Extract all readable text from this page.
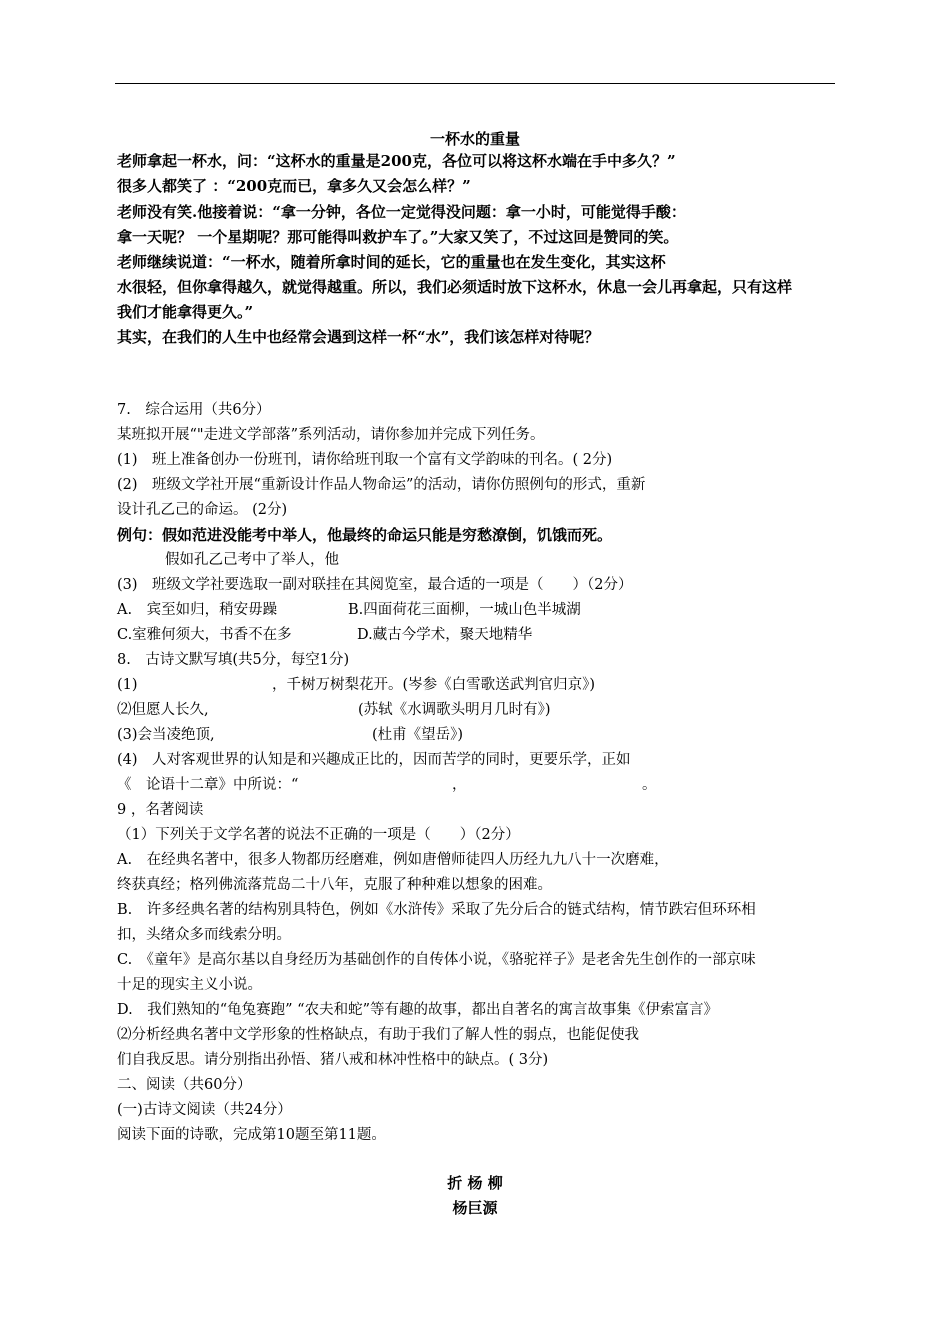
一杯水的重量
老师拿起一杯水，问：“这杯水的重量是200克，各位可以将这杯水端在手中多久？”
很多人都笑了 ：“200克而已，拿多久又会怎么样？”
老师没有笑.他接着说：“拿一分钟，各位一定觉得没问题：拿一小时，可能觉得手酸：
拿一天呢？ 一个星期呢？那可能得叫救护车了。”大家又笑了，不过这回是赞同的笑。
老师继续说道：“一杯水，随着所拿时间的延长，它的重量也在发生变化，其实这杯
水很轻，但你拿得越久，就觉得越重。所以，我们必须适时放下这杯水，休息一会儿再拿起，只有这样
我们才能拿得更久。”
其实，在我们的人生中也经常会遇到这样一杯“水”，我们该怎样对待呢？
7.　综合运用（共6分）
某班拟开展“"走进文学部落”系列活动，请你参加并完成下列任务。
(1)　班上准备创办一份班刊，请你给班刊取一个富有文学韵味的刊名。( 2分)
(2)　班级文学社开展“重新设计作品人物命运”的活动，请你仿照例句的形式，重新
设计孔乙己的命运。 (2分)
例句：假如范进没能考中举人，他最终的命运只能是穷愁潦倒，饥饿而死。
假如孔乙己考中了举人，他
(3)　班级文学社要选取一副对联挂在其阅览室，最合适的一项是（　　）（2分）
A.　宾至如归，稍安毋躁	B.四面荷花三面柳，一城山色半城湖
C.室雅何须大，书香不在多	D.藏古今学术，聚天地精华
8.　古诗文默写填(共5分，每空1分)
(1)	，千树万树梨花开。(岑参《白雪歌送武判官归京》)
⑵但愿人长久,	(苏轼《水调歌头明月几时有》)
(3)会当凌绝顶,	(杜甫《望岳》)
(4)　人对客观世界的认知是和兴趣成正比的，因而苦学的同时，更要乐学，正如
《　论语十二章》中所说：“	，	。
9 ，名著阅读
（1）下列关于文学名著的说法不正确的一项是（　　）（2分）
A.　在经典名著中，很多人物都历经磨难，例如唐僧师徒四人历经九九八十一次磨难，
终获真经；格列佛流落荒岛二十八年，克服了种种难以想象的困难。
B.　许多经典名著的结构别具特色，例如《水浒传》采取了先分后合的链式结构，情节跌宕但环环相
扣，头绪众多而线索分明。
C.　《童年》是高尔基以自身经历为基础创作的自传体小说，《骆驼祥子》是老舍先生创作的一部京味
十足的现实主义小说。
D.　我们熟知的“龟兔赛跑” “农夫和蛇”等有趣的故事，都出自著名的寓言故事集《伊索富言》
⑵分析经典名著中文学形象的性格缺点，有助于我们了解人性的弱点，也能促使我
们自我反思。请分别指出孙悟、猪八戒和林冲性格中的缺点。( 3分)
二、阅读（共60分）
(一)古诗文阅读（共24分）
阅读下面的诗歌，完成第10题至第11题。
折 杨 柳
杨巨源
